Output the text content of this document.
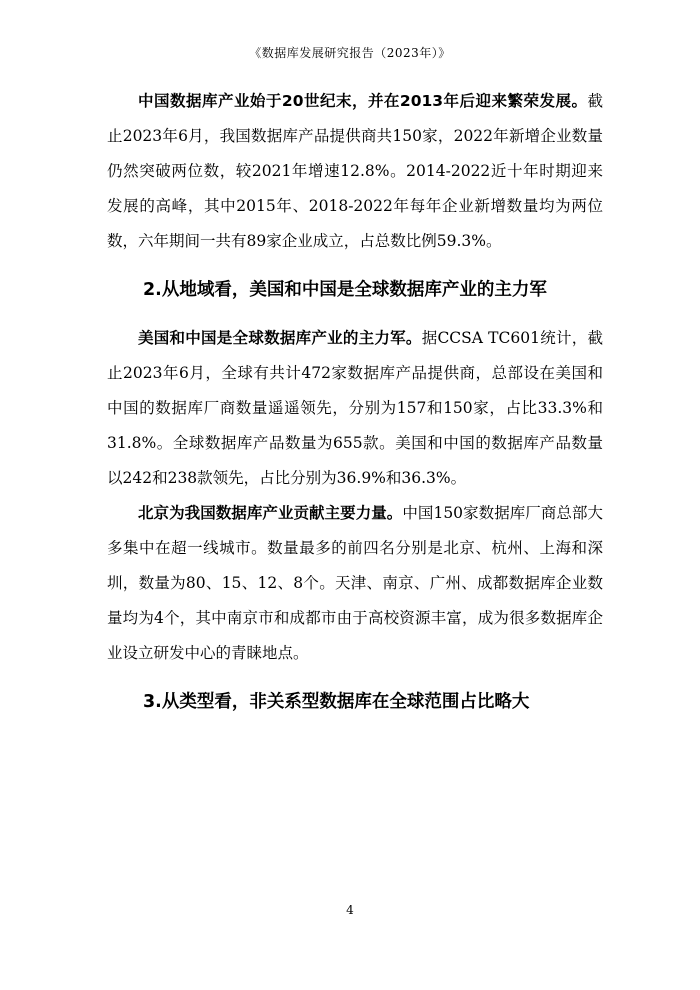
《数据库发展研究报告（2023年）》

中国数据库产业始于20世纪末，并在2013年后迎来繁荣发展。截止2023年6月，我国数据库产品提供商共150家，2022年新增企业数量仍然突破两位数，较2021年增速12.8%。2014-2022近十年时期迎来发展的高峰，其中2015年、2018-2022年每年企业新增数量均为两位数，六年期间一共有89家企业成立，占总数比例59.3%。

2.从地域看，美国和中国是全球数据库产业的主力军

美国和中国是全球数据库产业的主力军。据CCSA TC601统计，截止2023年6月，全球有共计472家数据库产品提供商，总部设在美国和中国的数据库厂商数量遥遥领先，分别为157和150家，占比33.3%和31.8%。全球数据库产品数量为655款。美国和中国的数据库产品数量以242和238款领先，占比分别为36.9%和36.3%。

北京为我国数据库产业贡献主要力量。中国150家数据库厂商总部大多集中在超一线城市。数量最多的前四名分别是北京、杭州、上海和深圳，数量为80、15、12、8个。天津、南京、广州、成都数据库企业数量均为4个，其中南京市和成都市由于高校资源丰富，成为很多数据库企业设立研发中心的青睐地点。

3.从类型看，非关系型数据库在全球范围占比略大
4
